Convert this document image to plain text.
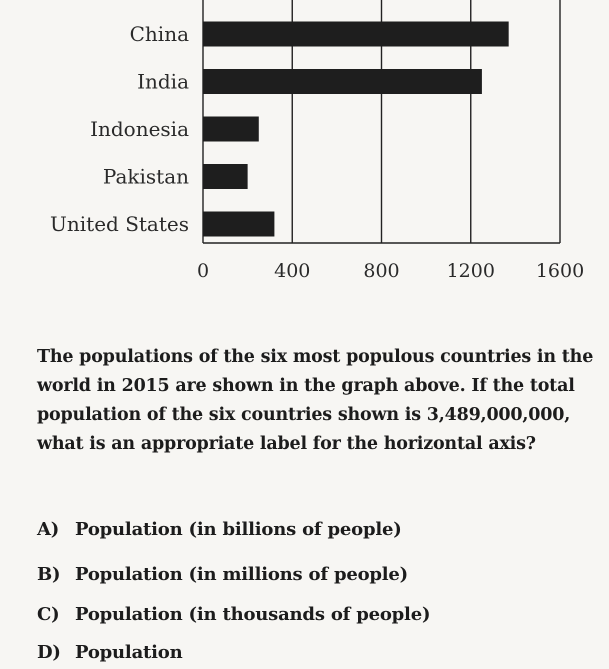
China
India
Indonesia
Pakistan
United States
0	400	800 1200 1600

The populations of the six most populous countries in the world in 2015 are shown in the graph above. If the total population of the six countries shown is 3,489,000,000, what is an appropriate label for the horizontal axis?

A) Population (in billions of people)
B) Population (in millions of people)
C) Population (in thousands of people)
D) Population
